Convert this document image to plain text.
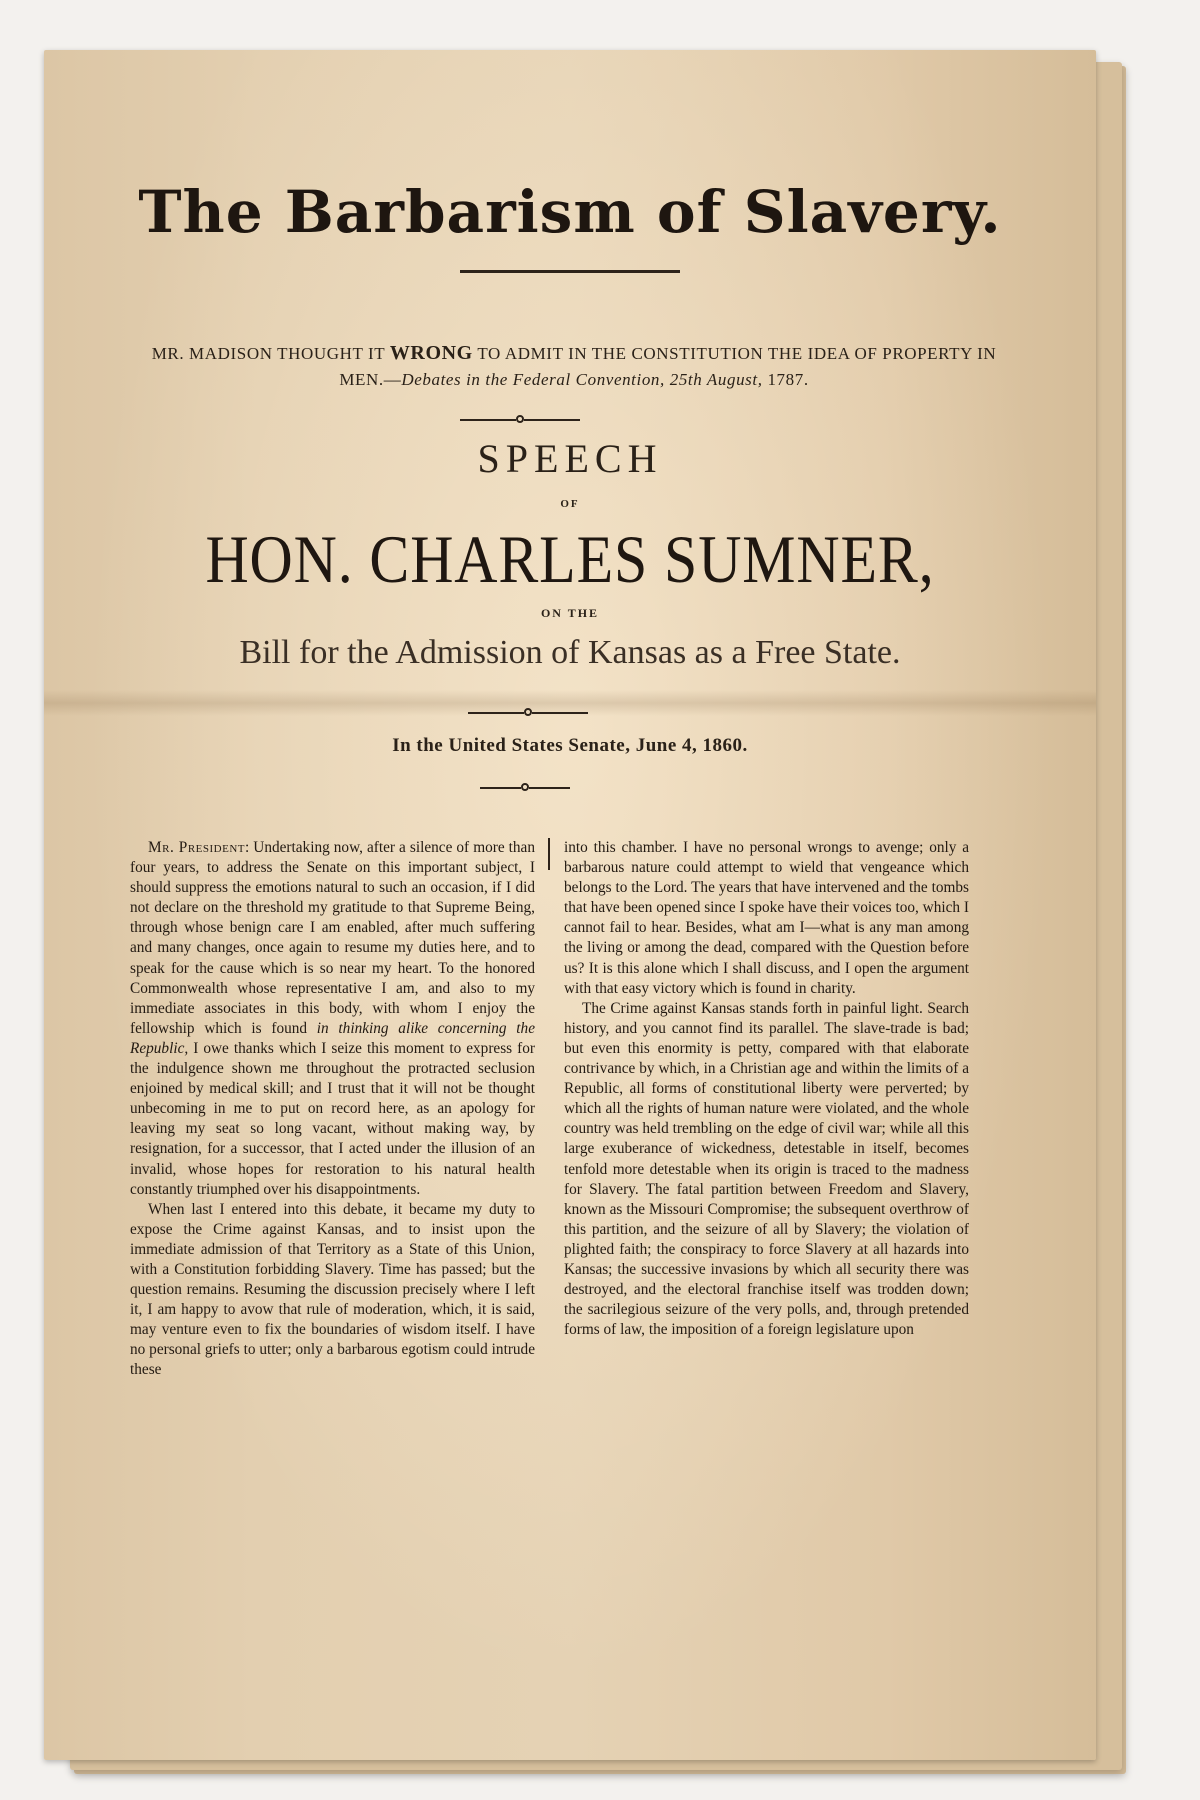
The Barbarism of Slavery.
MR. MADISON THOUGHT IT WRONG TO ADMIT IN THE CONSTITUTION THE IDEA OF PROPERTY IN MEN.—Debates in the Federal Convention, 25th August, 1787.
SPEECH
OF
HON. CHARLES SUMNER,
ON THE
Bill for the Admission of Kansas as a Free State.
In the United States Senate, June 4, 1860.

Mr. President: Undertaking now, after a silence of more than four years, to address the Senate on this important subject, I should suppress the emotions natural to such an occasion, if I did not declare on the threshold my gratitude to that Supreme Being, through whose benign care I am enabled, after much suffering and many changes, once again to resume my duties here, and to speak for the cause which is so near my heart. To the honored Commonwealth whose representative I am, and also to my immediate associates in this body, with whom I enjoy the fellowship which is found in thinking alike concerning the Republic, I owe thanks which I seize this moment to express for the indulgence shown me throughout the protracted seclusion enjoined by medical skill; and I trust that it will not be thought unbecoming in me to put on record here, as an apology for leaving my seat so long vacant, without making way, by resignation, for a successor, that I acted under the illusion of an invalid, whose hopes for restoration to his natural health constantly triumphed over his disappointments.

When last I entered into this debate, it became my duty to expose the Crime against Kansas, and to insist upon the immediate admission of that Territory as a State of this Union, with a Constitution forbidding Slavery. Time has passed; but the question remains. Resuming the discussion precisely where I left it, I am happy to avow that rule of moderation, which, it is said, may venture even to fix the boundaries of wisdom itself. I have no personal griefs to utter; only a barbarous egotism could intrude these

into this chamber. I have no personal wrongs to avenge; only a barbarous nature could attempt to wield that vengeance which belongs to the Lord. The years that have intervened and the tombs that have been opened since I spoke have their voices too, which I cannot fail to hear. Besides, what am I—what is any man among the living or among the dead, compared with the Question before us? It is this alone which I shall discuss, and I open the argument with that easy victory which is found in charity.

The Crime against Kansas stands forth in painful light. Search history, and you cannot find its parallel. The slave-trade is bad; but even this enormity is petty, compared with that elaborate contrivance by which, in a Christian age and within the limits of a Republic, all forms of constitutional liberty were perverted; by which all the rights of human nature were violated, and the whole country was held trembling on the edge of civil war; while all this large exuberance of wickedness, detestable in itself, becomes tenfold more detestable when its origin is traced to the madness for Slavery. The fatal partition between Freedom and Slavery, known as the Missouri Compromise; the subsequent overthrow of this partition, and the seizure of all by Slavery; the violation of plighted faith; the conspiracy to force Slavery at all hazards into Kansas; the successive invasions by which all security there was destroyed, and the electoral franchise itself was trodden down; the sacrilegious seizure of the very polls, and, through pretended forms of law, the imposition of a foreign legislature upon
